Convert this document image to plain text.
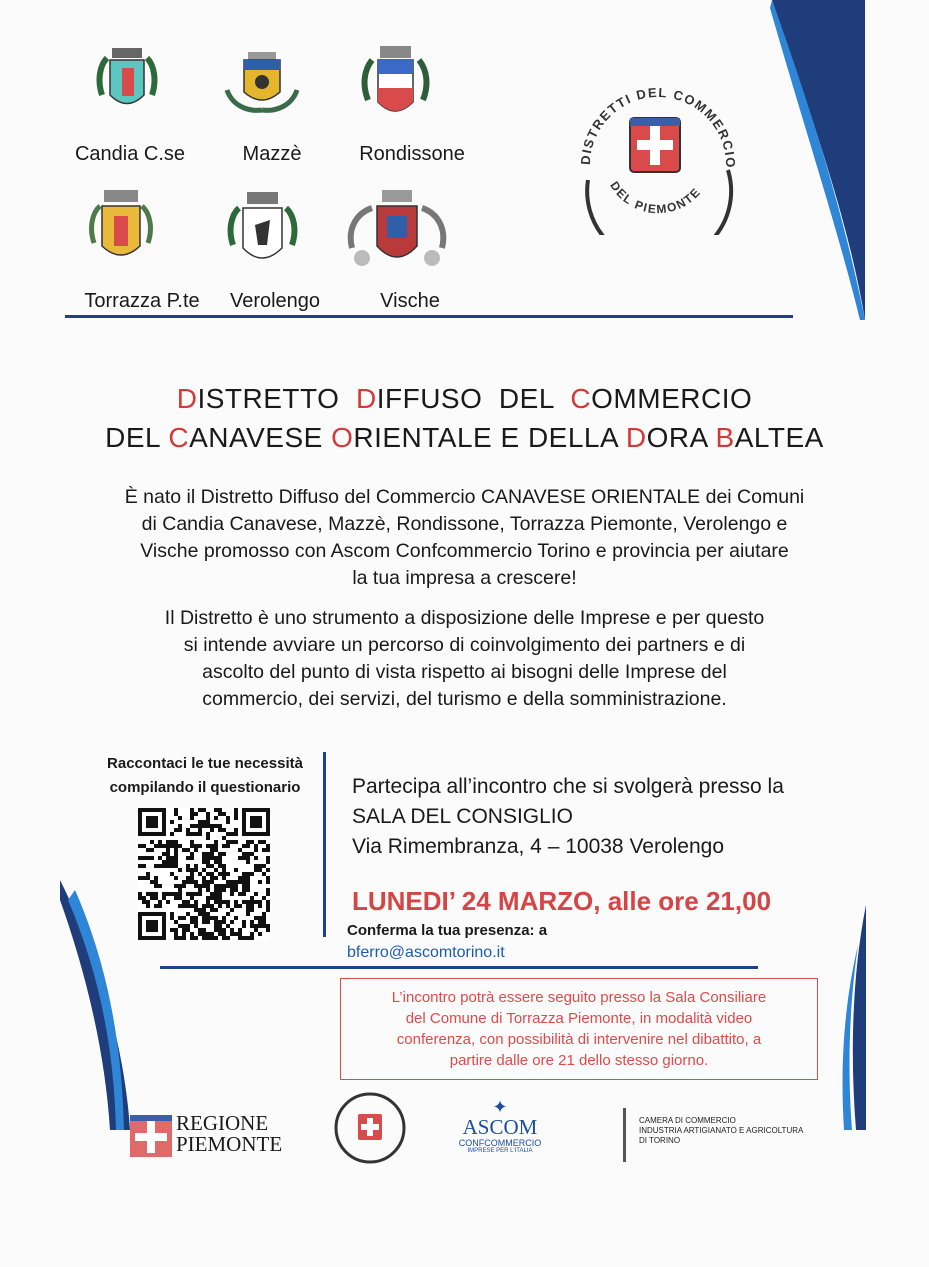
Candia C.se	Mazzè	Rondissone
Torrazza P.te	Verolengo	Vische
DISTRETTI DEL COMMERCIO
DEL PIEMONTE
DISTRETTO  DIFFUSO  DEL  COMMERCIO
DEL CANAVESE ORIENTALE E DELLA DORA BALTEA
È nato il Distretto Diffuso del Commercio CANAVESE ORIENTALE dei Comuni
di Candia Canavese, Mazzè, Rondissone, Torrazza Piemonte, Verolengo e
Vische promosso con Ascom Confcommercio Torino e provincia per aiutare
la tua impresa a crescere!
Il Distretto è uno strumento a disposizione delle Imprese e per questo
si intende avviare un percorso di coinvolgimento dei partners e di
ascolto del punto di vista rispetto ai bisogni delle Imprese del
commercio, dei servizi, del turismo e della somministrazione.
Raccontaci le tue necessità
compilando il questionario	Partecipa all’incontro che si svolgerà presso la
SALA DEL CONSIGLIO
Via Rimembranza, 4 – 10038 Verolengo
LUNEDI’ 24 MARZO, alle ore 21,00
Conferma la tua presenza: a
bferro@ascomtorino.it
L’incontro potrà essere seguito presso la Sala Consiliare
del Comune di Torrazza Piemonte, in modalità video
conferenza, con possibilità di intervenire nel dibattito, a
partire dalle ore 21 dello stesso giorno.
REGIONE
PIEMONTE
✦
ASCOM
CONFCOMMERCIO
IMPRESE PER L'ITALIA
CAMERA DI COMMERCIO
INDUSTRIA ARTIGIANATO E AGRICOLTURA
DI TORINO
